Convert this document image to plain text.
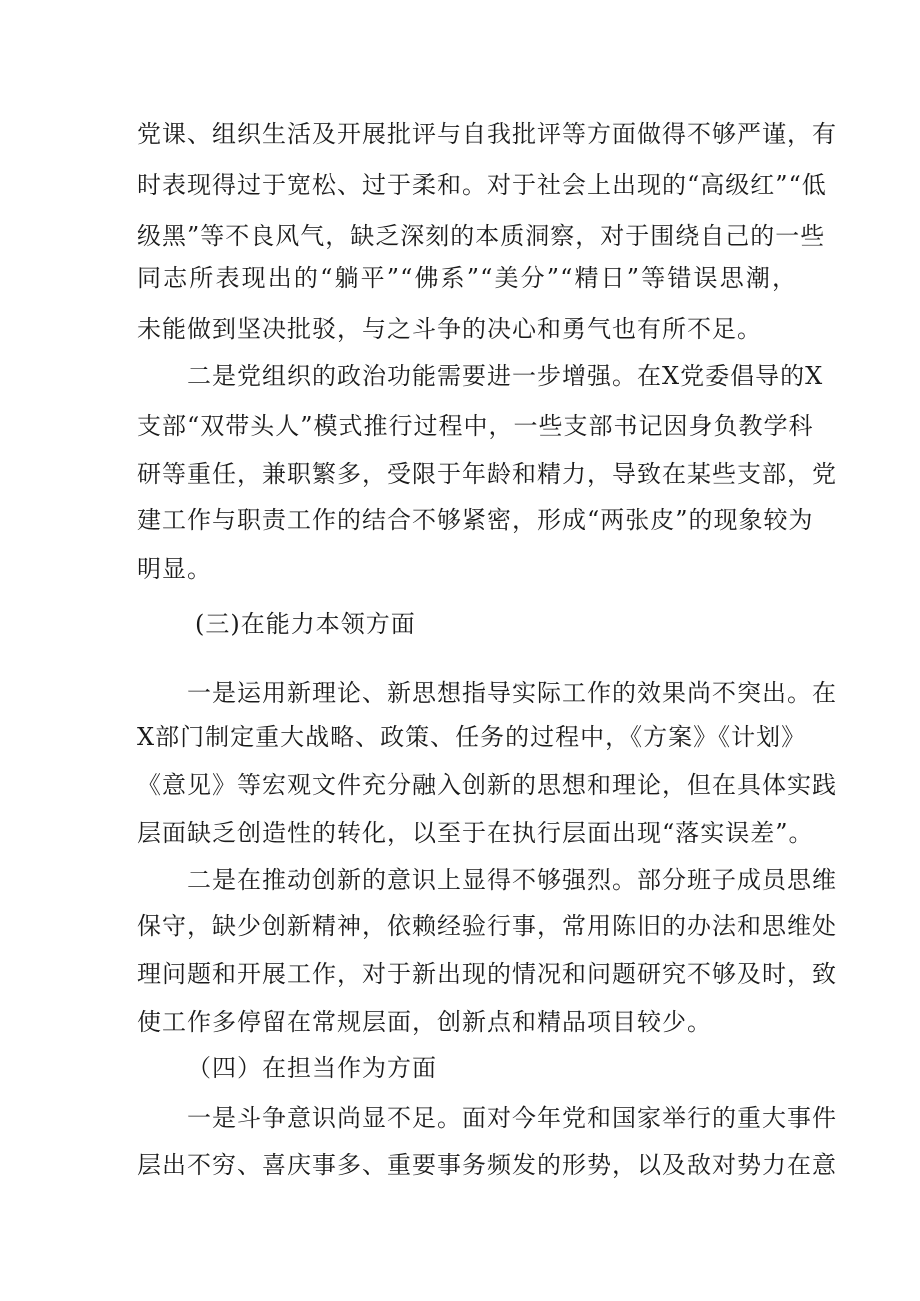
党课、组织生活及开展批评与自我批评等方面做得不够严谨，有
时表现得过于宽松、过于柔和。对于社会上出现的“高级红”“低
级黑”等不良风气，缺乏深刻的本质洞察，对于围绕自己的一些
同志所表现出的“躺平”“佛系”“美分”“精日”等错误思潮，
未能做到坚决批驳，与之斗争的决心和勇气也有所不足。
二是党组织的政治功能需要进一步增强。在X党委倡导的X
支部“双带头人”模式推行过程中，一些支部书记因身负教学科
研等重任，兼职繁多，受限于年龄和精力，导致在某些支部，党
建工作与职责工作的结合不够紧密，形成“两张皮”的现象较为
明显。
(三)在能力本领方面
一是运用新理论、新思想指导实际工作的效果尚不突出。在
X部门制定重大战略、政策、任务的过程中，《方案》《计划》
《意见》等宏观文件充分融入创新的思想和理论，但在具体实践
层面缺乏创造性的转化，以至于在执行层面出现“落实误差”。
二是在推动创新的意识上显得不够强烈。部分班子成员思维
保守，缺少创新精神，依赖经验行事，常用陈旧的办法和思维处
理问题和开展工作，对于新出现的情况和问题研究不够及时，致
使工作多停留在常规层面，创新点和精品项目较少。
（四）在担当作为方面
一是斗争意识尚显不足。面对今年党和国家举行的重大事件
层出不穷、喜庆事多、重要事务频发的形势，以及敌对势力在意
